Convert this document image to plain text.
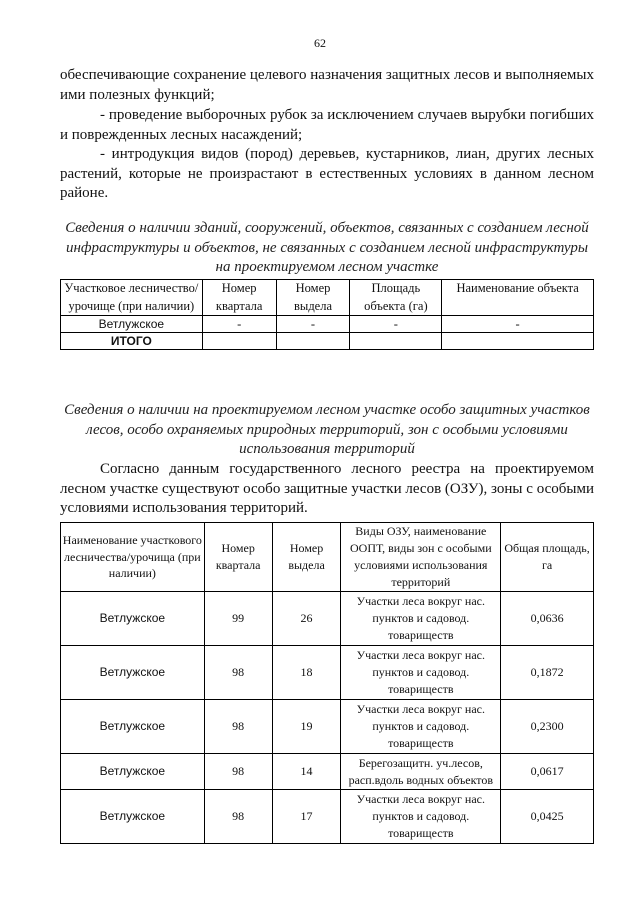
62
обеспечивающие сохранение целевого назначения защитных лесов и выполняемых ими полезных функций;
- проведение выборочных рубок за исключением случаев вырубки погибших и поврежденных лесных насаждений;
- интродукция видов (пород) деревьев, кустарников, лиан, других лесных растений, которые не произрастают в естественных условиях в данном лесном районе.
Сведения о наличии зданий, сооружений, объектов, связанных с созданием лесной инфраструктуры и объектов, не связанных с созданием лесной инфраструктуры на проектируемом лесном участке
Участковое лесничество/ урочище (при наличии)	Номер квартала	Номер выдела	Площадь объекта (га)	Наименование объекта
Ветлужское	-	-	-	-
ИТОГО				
Сведения о наличии на проектируемом лесном участке особо защитных участков лесов, особо охраняемых природных территорий, зон с особыми условиями использования территорий
Согласно данным государственного лесного реестра на проектируемом лесном участке существуют особо защитные участки лесов (ОЗУ), зоны с особыми условиями использования территорий.
Наименование участкового лесничества/урочища (при наличии)	Номер квартала	Номер выдела	Виды ОЗУ, наименование ООПТ, виды зон с особыми условиями использования территорий	Общая площадь, га
Ветлужское	99	26	Участки леса вокруг нас. пунктов и садовод. товариществ	0,0636
Ветлужское	98	18	Участки леса вокруг нас. пунктов и садовод. товариществ	0,1872
Ветлужское	98	19	Участки леса вокруг нас. пунктов и садовод. товариществ	0,2300
Ветлужское	98	14	Берегозащитн. уч.лесов, расп.вдоль водных объектов	0,0617
Ветлужское	98	17	Участки леса вокруг нас. пунктов и садовод. товариществ	0,0425
